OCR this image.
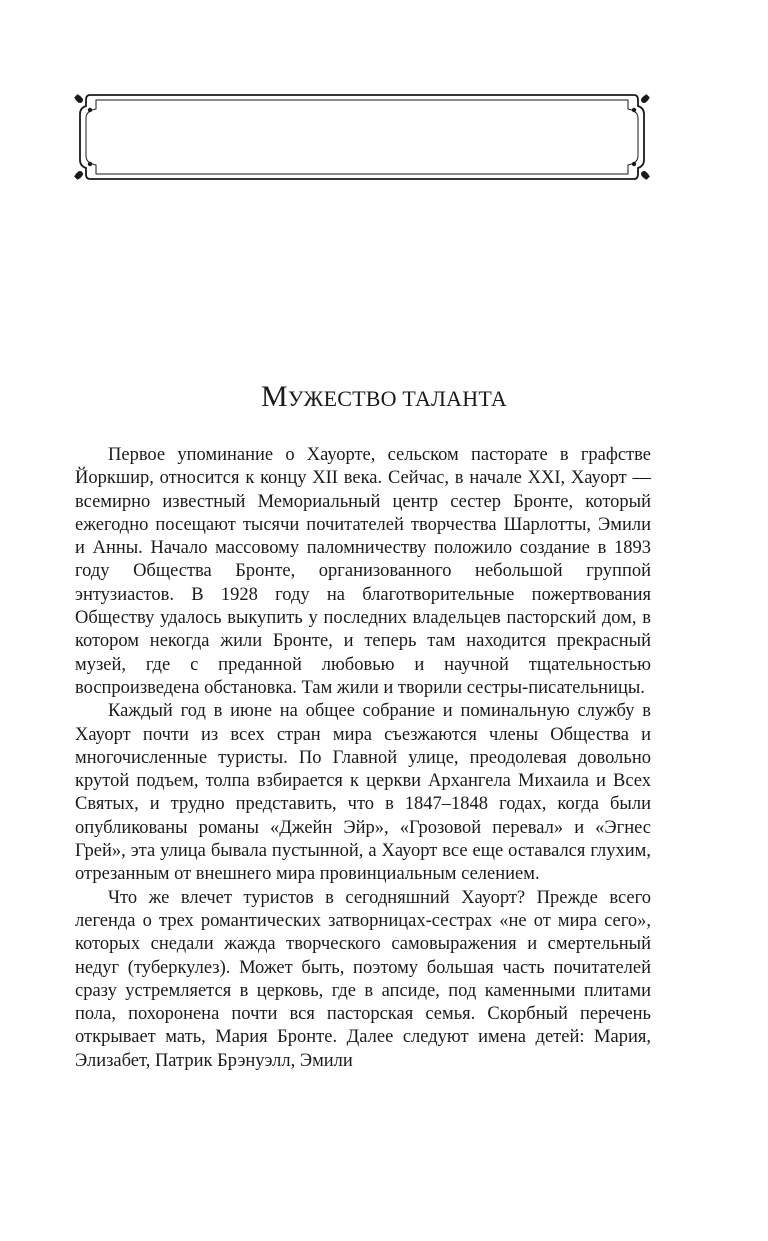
МУЖЕСТВО ТАЛАНТА

Первое упоминание о Хауорте, сельском пасторате в графстве Йоркшир, относится к концу XII века. Сейчас, в начале XXI, Хауорт — всемирно известный Мемориальный центр сестер Бронте, который ежегодно посещают тысячи почитателей творчества Шарлотты, Эмили и Анны. Начало массовому паломничеству положило создание в 1893 году Общества Бронте, организованного небольшой группой энтузиастов. В 1928 году на благотворительные пожертвования Обществу удалось выкупить у последних владельцев пасторский дом, в котором некогда жили Бронте, и теперь там находится прекрасный музей, где с преданной любовью и научной тщательностью воспроизведена обстановка. Там жили и творили сестры-писательницы.

Каждый год в июне на общее собрание и поминальную службу в Хауорт почти из всех стран мира съезжаются члены Общества и многочисленные туристы. По Главной улице, преодолевая довольно крутой подъем, толпа взбирается к церкви Архангела Михаила и Всех Святых, и трудно представить, что в 1847–1848 годах, когда были опубликованы романы «Джейн Эйр», «Грозовой перевал» и «Эгнес Грей», эта улица бывала пустынной, а Хауорт все еще оставался глухим, отрезанным от внешнего мира провинциальным селением.

Что же влечет туристов в сегодняшний Хауорт? Прежде всего легенда о трех романтических затворницах-сестрах «не от мира сего», которых снедали жажда творческого самовыражения и смертельный недуг (туберкулез). Может быть, поэтому большая часть почитателей сразу устремляется в церковь, где в апсиде, под каменными плитами пола, похоронена почти вся пасторская семья. Скорбный перечень открывает мать, Мария Бронте. Далее следуют имена детей: Мария, Элизабет, Патрик Брэнуэлл, Эмили
